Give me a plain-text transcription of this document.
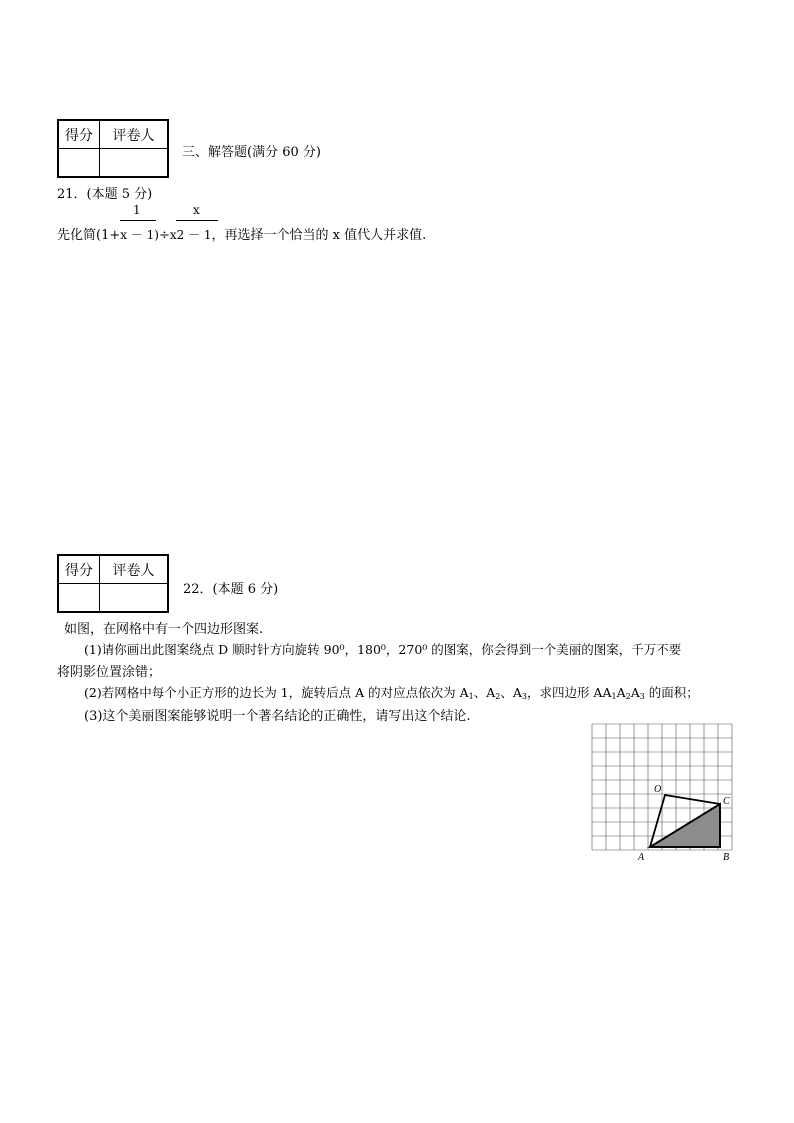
得分	评卷人

三、解答题(满分 60 分)
21．(本题 5 分)
1	x
先化简(1+x － 1)÷x2 － 1，再选择一个恰当的 x 值代人并求值.
得分	评卷人

22．(本题 6 分)
如图，在网格中有一个四边形图案.
(1)请你画出此图案绕点 D 顺时针方向旋转 90⁰，180⁰，270⁰ 的图案，你会得到一个美丽的图案，千万不要
将阴影位置涂错；
(2)若网格中每个小正方形的边长为 1，旋转后点 A 的对应点依次为 $A_1$、$A_2$、$A_3$，求四边形 $AA_1A_2A_3$ 的面积；
(3)这个美丽图案能够说明一个著名结论的正确性，请写出这个结论.
O
C
A	B
